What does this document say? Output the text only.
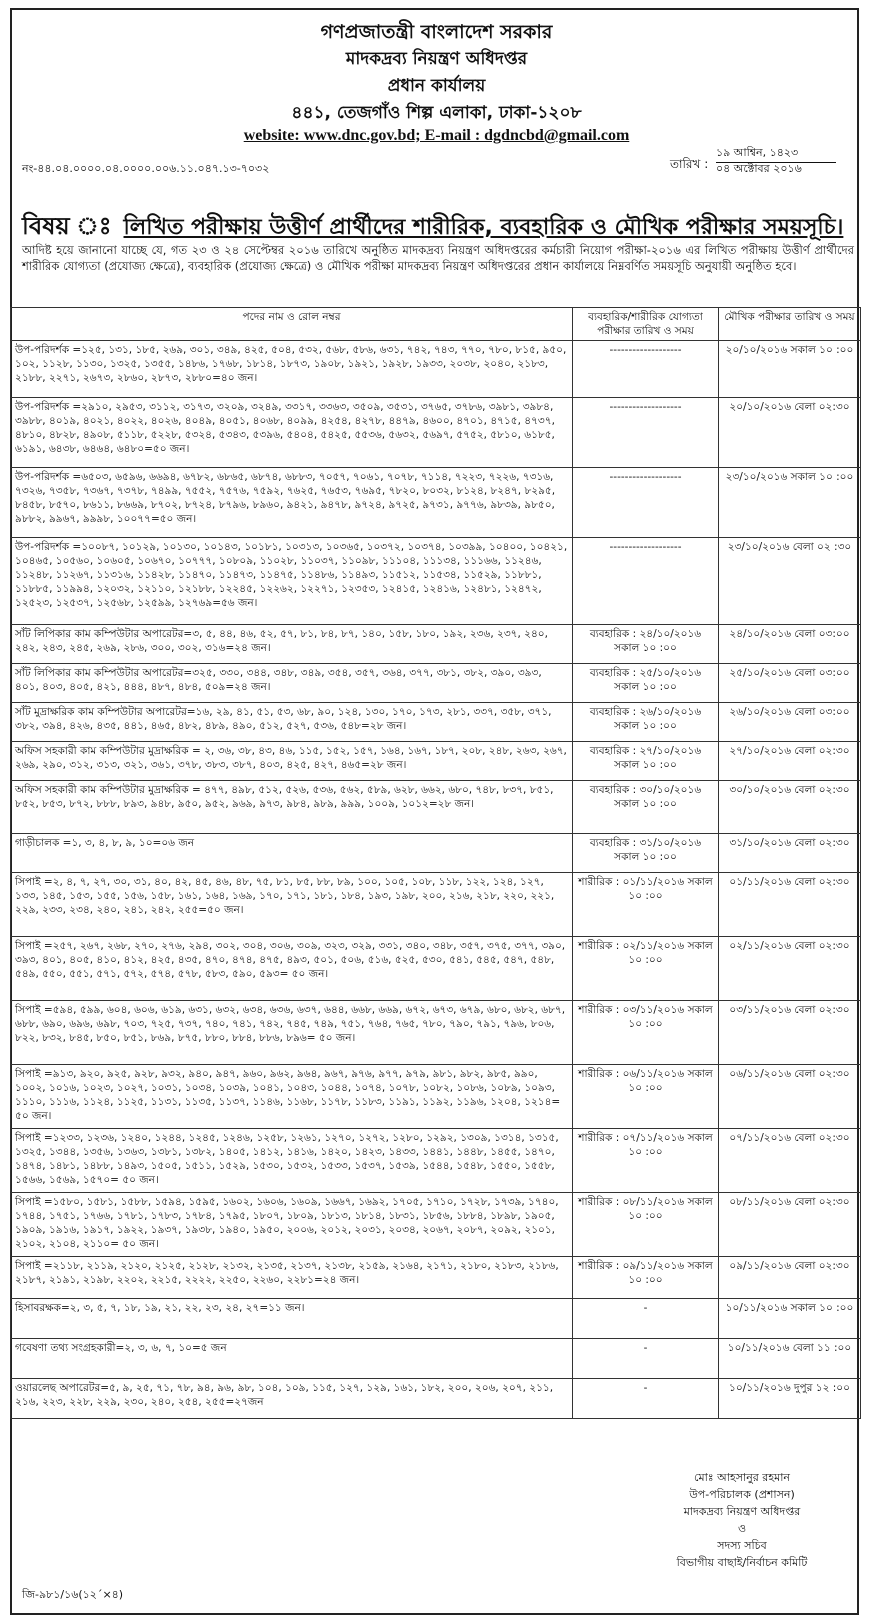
গণপ্রজাতন্ত্রী বাংলাদেশ সরকার
মাদকদ্রব্য নিয়ন্ত্রণ অধিদপ্তর
প্রধান কার্যালয়
৪৪১, তেজগাঁও শিল্প এলাকা, ঢাকা-১২০৮
website: www.dnc.gov.bd; E-mail : dgdncbd@gmail.com
তারিখ :
১৯ আশ্বিন, ১৪২৩
০৪ অক্টোবর ২০১৬
নং-৪৪.০৪.০০০০.০৪.০০০০.০০৬.১১.০৪৭.১৩-৭০৩২
বিষয় ঃ লিখিত পরীক্ষায় উত্তীর্ণ প্রার্থীদের শারীরিক, ব্যবহারিক ও মৌখিক পরীক্ষার সময়সূচি।
আদিষ্ট হয়ে জানানো যাচ্ছে যে, গত ২৩ ও ২৪ সেপ্টেম্বর ২০১৬ তারিখে অনুষ্ঠিত মাদকদ্রব্য নিয়ন্ত্রণ অধিদপ্তরের কর্মচারী নিয়োগ পরীক্ষা-২০১৬ এর লিখিত পরীক্ষায় উত্তীর্ণ প্রার্থীদের শারীরিক যোগ্যতা (প্রযোজ্য ক্ষেত্রে), ব্যবহারিক (প্রযোজ্য ক্ষেত্রে) ও মৌখিক পরীক্ষা মাদকদ্রব্য নিয়ন্ত্রণ অধিদপ্তরের প্রধান কার্যালয়ে নিম্নবর্ণিত সময়সূচি অনুযায়ী অনুষ্ঠিত হবে।
পদের নাম ও রোল নম্বর	ব্যবহারিক/শারীরিক যোগ্যতা পরীক্ষার তারিখ ও সময়	মৌখিক পরীক্ষার তারিখ ও সময়
উপ-পরিদর্শক =১২৫, ১৩১, ১৮৫, ২৬৯, ৩০১, ৩৪৯, ৪২৫, ৫০৪, ৫৩২, ৫৬৮, ৫৮৬, ৬৩১, ৭৪২, ৭৪৩, ৭৭০, ৭৮০, ৮১৫, ৯৫০, ১০২, ১১২৮, ১১৩০, ১৩২৫, ১৩৫৫, ১৪৮৬, ১৭৬৮, ১৮১৪, ১৮৭৩, ১৯০৮, ১৯২১, ১৯২৮, ১৯৩৩, ২০৩৮, ২০৪০, ২১৮৩, ২১৮৮, ২২৭১, ২৬৭৩, ২৮৬০, ২৮৭৩, ২৮৮০=৪০ জন।	-------------------	২০/১০/২০১৬ সকাল ১০ :০০
উপ-পরিদর্শক =২৯১০, ২৯৫৩, ৩১১২, ৩১৭৩, ৩২০৯, ৩২৪৯, ৩৩১৭, ৩৩৬৩, ৩৫০৯, ৩৫৩১, ৩৭৬৫, ৩৭৮৬, ৩৯৮১, ৩৯৮৪, ৩৯৮৮, ৪০১৯, ৪০২১, ৪০২২, ৪০২৬, ৪০৪৯, ৪০৫১, ৪০৬৮, ৪০৯৯, ৪২৫৪, ৪২৭৮, ৪৪৭৯, ৪৬০০, ৪৭০১, ৪৭১৫, ৪৭৩৭, ৪৮১০, ৪৮২৮, ৪৯০৮, ৫১১৮, ৫২২৮, ৫৩২৪, ৫৩৪৩, ৫৩৯৬, ৫৪০৪, ৫৪২৫, ৫৫৩৬, ৫৬৩২, ৫৬৯৭, ৫৭৫২, ৫৮১০, ৬১৮৫, ৬১৯১, ৬৪৩৮, ৬৪৬৪, ৬৪৮০=৫০ জন।	-------------------	২০/১০/২০১৬ বেলা ০২:৩০
উপ-পরিদর্শক =৬৫০৩, ৬৫৯৬, ৬৬৯৪, ৬৭৮২, ৬৮৬৫, ৬৮৭৪, ৬৮৮৩, ৭০৫৭, ৭০৬১, ৭০৭৮, ৭১১৪, ৭২২৩, ৭২২৬, ৭৩১৬, ৭৩২৬, ৭৩৫৮, ৭৩৬৭, ৭৩৭৮, ৭৪৯৯, ৭৫৫২, ৭৫৭৬, ৭৫৯২, ৭৬২৫, ৭৬৫৩, ৭৬৯৫, ৭৮২০, ৮০৩২, ৮১২৪, ৮২৪৭, ৮২৯৫, ৮৪৫৮, ৮৫৭০, ৮৬১১, ৮৬৬৯, ৮৭০২, ৮৭২৪, ৮৭৯৬, ৮৯৬০, ৯৪২১, ৯৪৭৮, ৯৭২৪, ৯৭২৫, ৯৭৩১, ৯৭৭৬, ৯৮৩৯, ৯৮৫০, ৯৮৮২, ৯৯৬৭, ৯৯৯৮, ১০০৭৭=৫০ জন।	-------------------	২৩/১০/২০১৬ সকাল ১০ :০০
উপ-পরিদর্শক =১০০৮৭, ১০১২৯, ১০১৩০, ১০১৪৩, ১০১৮১, ১০৩১৩, ১০৩৬৫, ১০৩৭২, ১০৩৭৪, ১০৩৯৯, ১০৪০০, ১০৪২১, ১০৪৬৫, ১০৫৬০, ১০৬০৫, ১০৬৭০, ১০৭৭৭, ১০৮০৯, ১১০২৮, ১১০৩৭, ১১০৯৮, ১১১০৪, ১১১৩৪, ১১১৬৬, ১১২৪৬, ১১২৪৮, ১১২৬৭, ১১৩১৬, ১১৪২৮, ১১৪৭০, ১১৪৭৩, ১১৪৭৫, ১১৪৮৬, ১১৪৯৩, ১১৫১২, ১১৫৩৪, ১১৫২৯, ১১৮৮১, ১১৮৮৫, ১১৯৯৪, ১২০৩২, ১২১১০, ১২১৮৮, ১২২৪৫, ১২২৬২, ১২২৭১, ১২৩৫৩, ১২৪১৫, ১২৪১৬, ১২৪৮১, ১২৪৭২, ১২৫২৩, ১২৫৩৭, ১২৫৬৮, ১২৫৯৯, ১২৭৬৯=৫৬ জন।	-------------------	২৩/১০/২০১৬ বেলা ০২ :৩০
সাঁট লিপিকার কাম কম্পিউটার অপারেটর=৩, ৫, ৪৪, ৪৬, ৫২, ৫৭, ৮১, ৮৪, ৮৭, ১৪০, ১৫৮, ১৮০, ১৯২, ২৩৬, ২৩৭, ২৪০, ২৪২, ২৪৩, ২৪৫, ২৬৯, ২৮৬, ৩০০, ৩০২, ৩১৬=২৪ জন।	ব্যবহারিক : ২৪/১০/২০১৬ সকাল ১০ :০০	২৪/১০/২০১৬ বেলা ০৩:০০
সাঁট লিপিকার কাম কম্পিউটার অপারেটর=৩২৫, ৩৩০, ৩৪৪, ৩৪৮, ৩৪৯, ৩৫৪, ৩৫৭, ৩৬৪, ৩৭৭, ৩৮১, ৩৮২, ৩৯০, ৩৯৩, ৪০১, ৪০৩, ৪০৫, ৪২১, ৪৪৪, ৪৮৭, ৪৮৪, ৫০৯=২৪ জন।	ব্যবহারিক : ২৫/১০/২০১৬ সকাল ১০ :০০	২৫/১০/২০১৬ বেলা ০৩:০০
সাঁট মুদ্রাক্ষরিক কাম কম্পিউটার অপারেটর=১৬, ২৯, ৪১, ৫১, ৫৩, ৬৮, ৯০, ১২৪, ১৩০, ১৭০, ১৭৩, ২৮১, ৩৩৭, ৩৫৮, ৩৭১, ৩৮২, ৩৯৪, ৪২৬, ৪৩৫, ৪৪১, ৪৬৫, ৪৮২, ৪৮৯, ৪৯০, ৫১২, ৫২৭, ৫৩৬, ৫৪৮=২৮ জন।	ব্যবহারিক : ২৬/১০/২০১৬ সকাল ১০ :০০	২৬/১০/২০১৬ বেলা ০৩:০০
অফিস সহকারী কাম কম্পিউটার মুদ্রাক্ষরিক = ২, ৩৬, ৩৮, ৪৩, ৪৬, ১১৫, ১৫২, ১৫৭, ১৬৪, ১৬৭, ১৮৭, ২০৮, ২৪৮, ২৬৩, ২৬৭, ২৬৯, ২৯০, ৩১২, ৩১৩, ৩২১, ৩৬১, ৩৭৮, ৩৮৩, ৩৮৭, ৪০৩, ৪২৫, ৪২৭, ৪৬৫=২৮ জন।	ব্যবহারিক : ২৭/১০/২০১৬ সকাল ১০ :০০	২৭/১০/২০১৬ বেলা ০২:৩০
অফিস সহকারী কাম কম্পিউটার মুদ্রাক্ষরিক = ৪৭৭, ৪৯৮, ৫১২, ৫২৬, ৫৩৬, ৫৬২, ৫৮৯, ৬২৮, ৬৬২, ৬৮০, ৭৪৮, ৮৩৭, ৮৫১, ৮৫২, ৮৫৩, ৮৭২, ৮৮৮, ৮৯৩, ৯৪৮, ৯৫০, ৯৫২, ৯৬৯, ৯৭৩, ৯৮৪, ৯৮৯, ৯৯৯, ১০০৯, ১০১২=২৮ জন।	ব্যবহারিক : ৩০/১০/২০১৬ সকাল ১০ :০০	৩০/১০/২০১৬ বেলা ০২:৩০
গাড়ীচালক =১, ৩, ৪, ৮, ৯, ১০=০৬ জন	ব্যবহারিক : ৩১/১০/২০১৬ সকাল ১০ :০০	৩১/১০/২০১৬ বেলা ০২:৩০
সিপাই =২, ৪, ৭, ২৭, ৩০, ৩১, ৪০, ৪২, ৪৫, ৪৬, ৪৮, ৭৫, ৮১, ৮৫, ৮৮, ৮৯, ১০০, ১০৫, ১০৮, ১১৮, ১২২, ১২৪, ১২৭, ১৩৩, ১৪৫, ১৫৩, ১৫৫, ১৫৬, ১৫৮, ১৬১, ১৬৪, ১৬৯, ১৭০, ১৭১, ১৮১, ১৮৪, ১৯৩, ১৯৮, ২০০, ২১৬, ২১৮, ২২০, ২২১, ২২৯, ২৩৩, ২৩৪, ২৪০, ২৪১, ২৪২, ২৫৫=৫০ জন।	শারীরিক : ০১/১১/২০১৬ সকাল ১০ :০০	০১/১১/২০১৬ বেলা ০২:৩০
সিপাই =২৫৭, ২৬৭, ২৬৮, ২৭০, ২৭৬, ২৯৪, ৩০২, ৩০৪, ৩০৬, ৩০৯, ৩২৩, ৩২৯, ৩৩১, ৩৪০, ৩৪৮, ৩৫৭, ৩৭৫, ৩৭৭, ৩৯০, ৩৯৩, ৪০১, ৪০৫, ৪১০, ৪১২, ৪২৫, ৪৩৫, ৪৭০, ৪৭৪, ৪৭৫, ৪৯৩, ৫০১, ৫০৬, ৫১৬, ৫২৫, ৫৩০, ৫৪১, ৫৪৫, ৫৪৭, ৫৪৮, ৫৪৯, ৫৫০, ৫৫১, ৫৭১, ৫৭২, ৫৭৪, ৫৭৮, ৫৮৩, ৫৯০, ৫৯৩= ৫০ জন।	শারীরিক : ০২/১১/২০১৬ সকাল ১০ :০০	০২/১১/২০১৬ বেলা ০২:৩০
সিপাই =৫৯৪, ৫৯৯, ৬০৪, ৬০৬, ৬১৯, ৬৩১, ৬৩২, ৬৩৪, ৬৩৬, ৬৩৭, ৬৪৪, ৬৬৮, ৬৬৯, ৬৭২, ৬৭৩, ৬৭৯, ৬৮০, ৬৮২, ৬৮৭, ৬৮৮, ৬৯০, ৬৯৬, ৬৯৮, ৭০৩, ৭২৫, ৭৩৭, ৭৪০, ৭৪১, ৭৪২, ৭৪৫, ৭৪৯, ৭৫১, ৭৬৪, ৭৬৫, ৭৮০, ৭৯০, ৭৯১, ৭৯৬, ৮০৬, ৮২২, ৮৩২, ৮৪৫, ৮৫০, ৮৫১, ৮৬৯, ৮৭৫, ৮৮০, ৮৮৪, ৮৮৬, ৮৯৬= ৫০ জন।	শারীরিক : ০৩/১১/২০১৬ সকাল ১০ :০০	০৩/১১/২০১৬ বেলা ০২:৩০
সিপাই =৯১৩, ৯২০, ৯২৫, ৯২৮, ৯৩২, ৯৪০, ৯৪৭, ৯৬০, ৯৬২, ৯৬৪, ৯৬৭, ৯৭৬, ৯৭৭, ৯৭৯, ৯৮১, ৯৮২, ৯৮৫, ৯৯০, ১০০২, ১০১৬, ১০২৩, ১০২৭, ১০৩১, ১০৩৪, ১০৩৯, ১০৪১, ১০৪৩, ১০৪৪, ১০৭৪, ১০৭৮, ১০৮২, ১০৮৬, ১০৮৯, ১০৯৩, ১১১০, ১১১৬, ১১২৪, ১১২৫, ১১৩১, ১১৩৫, ১১৩৭, ১১৪৬, ১১৬৮, ১১৭৮, ১১৮৩, ১১৯১, ১১৯২, ১১৯৬, ১২০৪, ১২১৪= ৫০ জন।	শারীরিক : ০৬/১১/২০১৬ সকাল ১০ :০০	০৬/১১/২০১৬ বেলা ০২:৩০
সিপাই =১২৩৩, ১২৩৬, ১২৪০, ১২৪৪, ১২৪৫, ১২৪৬, ১২৫৮, ১২৬১, ১২৭০, ১২৭২, ১২৮০, ১২৯২, ১৩০৯, ১৩১৪, ১৩১৫, ১৩২৫, ১৩৪৪, ১৩৫৬, ১৩৬৩, ১৩৮১, ১৩৮২, ১৪০৫, ১৪১২, ১৪১৬, ১৪২০, ১৪২৩, ১৪৩৩, ১৪৪১, ১৪৪৮, ১৪৫৫, ১৪৭০, ১৪৭৪, ১৪৮১, ১৪৮৮, ১৪৯৩, ১৫০৫, ১৫১১, ১৫২৯, ১৫৩০, ১৫৩২, ১৫৩৩, ১৫৩৭, ১৫৩৯, ১৫৪৪, ১৫৪৮, ১৫৫০, ১৫৫৮, ১৫৬৬, ১৫৬৯, ১৫৭০= ৫০ জন।	শারীরিক : ০৭/১১/২০১৬ সকাল ১০ :০০	০৭/১১/২০১৬ বেলা ০২:৩০
সিপাই =১৫৮০, ১৫৮১, ১৫৮৮, ১৫৯৪, ১৫৯৫, ১৬০২, ১৬০৬, ১৬০৯, ১৬৬৭, ১৬৯২, ১৭০৫, ১৭১০, ১৭২৮, ১৭৩৯, ১৭৪০, ১৭৪৪, ১৭৫১, ১৭৬৬, ১৭৮১, ১৭৮৩, ১৭৮৪, ১৭৯৫, ১৮০৭, ১৮০৯, ১৮১৩, ১৮১৪, ১৮৩১, ১৮৫৬, ১৮৮৪, ১৮৯৮, ১৯০৫, ১৯০৯, ১৯১৬, ১৯১৭, ১৯২২, ১৯৩৭, ১৯৩৮, ১৯৪০, ১৯৫০, ২০০৬, ২০১২, ২০৩১, ২০৩৪, ২০৬৭, ২০৮৭, ২০৯২, ২১০১, ২১০২, ২১০৪, ২১১০= ৫০ জন।	শারীরিক : ০৮/১১/২০১৬ সকাল ১০ :০০	০৮/১১/২০১৬ বেলা ০২:৩০
সিপাই =২১১৮, ২১১৯, ২১২০, ২১২৫, ২১২৮, ২১৩২, ২১৩৫, ২১৩৭, ২১৩৮, ২১৫৯, ২১৬৪, ২১৭১, ২১৮০, ২১৮৩, ২১৮৬, ২১৮৭, ২১৯১, ২১৯৮, ২২০২, ২২১৫, ২২২২, ২২৫০, ২২৬০, ২২৮১=২৪ জন।	শারীরিক : ০৯/১১/২০১৬ সকাল ১০ :০০	০৯/১১/২০১৬ বেলা ০২:৩০
হিসাবরক্ষক=২, ৩, ৫, ৭, ১৮, ১৯, ২১, ২২, ২৩, ২৪, ২৭=১১ জন।	-	১০/১১/২০১৬ সকাল ১০ :০০
গবেষণা তথ্য সংগ্রহকারী=২, ৩, ৬, ৭, ১০=৫ জন	-	১০/১১/২০১৬ বেলা ১১ :০০
ওয়ারলেছ অপারেটর=৫, ৯, ২৫, ৭১, ৭৮, ৯৪, ৯৬, ৯৮, ১০৪, ১০৯, ১১৫, ১২৭, ১২৯, ১৬১, ১৮২, ২০০, ২০৬, ২০৭, ২১১, ২১৬, ২২৩, ২২৮, ২২৯, ২৩০, ২৪০, ২৫৪, ২৫৫=২৭জন	-	১০/১১/২০১৬ দুপুর ১২ :০০
মোঃ আহসানুর রহমান
উপ-পরিচালক (প্রশাসন)
মাদকদ্রব্য নিয়ন্ত্রণ অধিদপ্তর
ও
সদস্য সচিব
বিভাগীয় বাছাই/নির্বাচন কমিটি
জি-৯৮১/১৬(১২´×৪)
